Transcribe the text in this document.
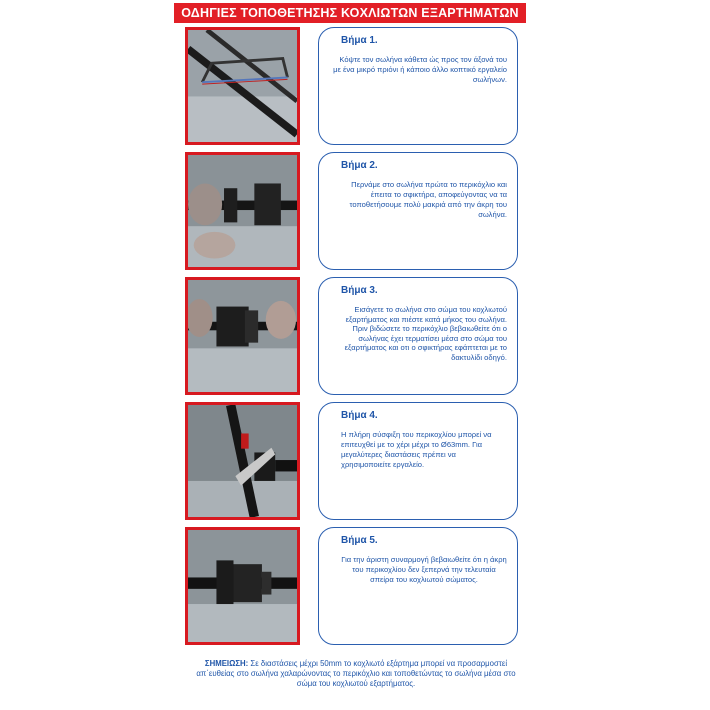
ΟΔΗΓΙΕΣ ΤΟΠΟΘΕΤΗΣΗΣ ΚΟΧΛΙΩΤΩΝ ΕΞΑΡΤΗΜΑΤΩΝ
Βήμα 1.
Κόψτε τον σωλήνα κάθετα ώς προς τον άξονά του με ένα μικρό πριόνι ή κάποιο άλλο κοπτικό εργαλείο σωλήνων.
Βήμα 2.
Περνάμε στο σωλήνα πρώτα το περικόχλιο και έπειτα το σφικτήρα, αποφεύγοντας να τα τοποθετήσουμε πολύ μακριά από την άκρη του σωλήνα.
Βήμα 3.
Εισάγετε το σωλήνα στο σώμα του κοχλιωτού εξαρτήματος και πιέστε κατά μήκος του σωλήνα. Πριν βιδώσετε το περικόχλιο βεβαιωθείτε ότι ο σωλήνας έχει τερματίσει μέσα στο σώμα του εξαρτήματος και οτι ο σφικτήρας εφάπτεται με το δακτυλίδι οδηγό.
Βήμα 4.
Η πλήρη σύσφιξη του περικοχλίου μπορεί να επιτευχθεί με το χέρι μέχρι το Ø63mm. Για μεγαλύτερες διαστάσεις πρέπει να χρησιμοποιείτε εργαλείο.
Βήμα 5.
Για την άριστη συναρμογή βεβαιωθείτε ότι η άκρη του περικοχλίου δεν ξεπερνά την τελευταία σπείρα του κοχλιωτού σώματος.
ΣΗΜΕΙΩΣΗ: Σε διαστάσεις μέχρι 50mm το κοχλιωτό εξάρτημα μπορεί να προσαρμοστεί απ΄ευθείας στο σωλήνα χαλαρώνοντας το περικόχλιο και τοποθετώντας το σωλήνα μέσα στο σώμα του κοχλιωτού εξαρτήματος.
